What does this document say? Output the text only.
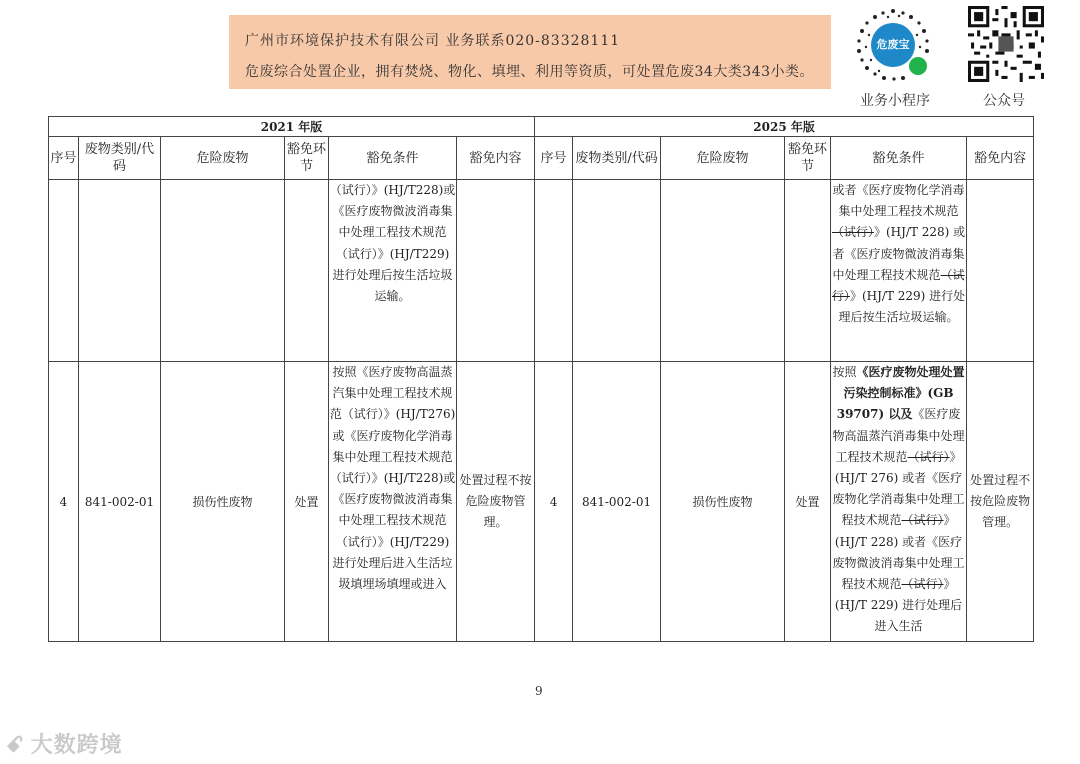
广州市环境保护技术有限公司 业务联系020-83328111
危废综合处置企业，拥有焚烧、物化、填埋、利用等资质，可处置危废34大类343小类。
危废宝
业务小程序	公众号
2021 年版						2025 年版					
序号	废物类别/代码	危险废物	豁免环节	豁免条件	豁免内容	序号	废物类别/代码	危险废物	豁免环节	豁免条件	豁免内容
				（试行）》(HJ/T228)或《医疗废物微波消毒集中处理工程技术规范（试行）》(HJ/T229) 进行处理后按生活垃圾运输。						或者《医疗废物化学消毒集中处理工程技术规范（试行）》(HJ/T 228) 或者《医疗废物微波消毒集中处理工程技术规范（试行）》(HJ/T 229) 进行处理后按生活垃圾运输。	
4	841-002-01	损伤性废物	处置	按照《医疗废物高温蒸汽集中处理工程技术规范（试行）》(HJ/T276)或《医疗废物化学消毒集中处理工程技术规范（试行）》(HJ/T228)或《医疗废物微波消毒集中处理工程技术规范（试行）》(HJ/T229) 进行处理后进入生活垃圾填埋场填埋或进入	处置过程不按危险废物管理。	4	841-002-01	损伤性废物	处置	按照《医疗废物处理处置污染控制标准》(GB 39707) 以及《医疗废物高温蒸汽消毒集中处理工程技术规范（试行）》(HJ/T 276) 或者《医疗废物化学消毒集中处理工程技术规范（试行）》(HJ/T 228) 或者《医疗废物微波消毒集中处理工程技术规范（试行）》(HJ/T 229) 进行处理后进入生活	处置过程不按危险废物管理。
9
ꗃ 大数跨境
